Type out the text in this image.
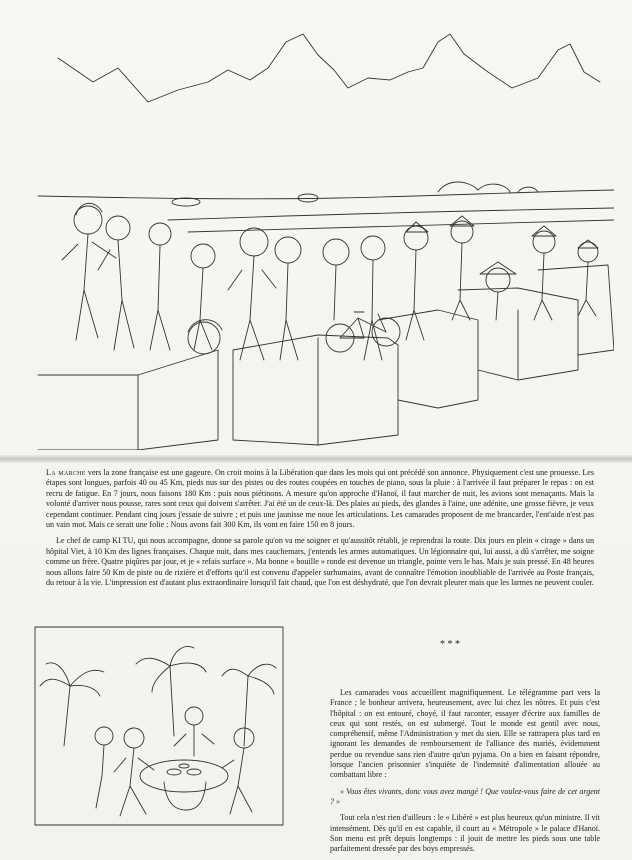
La marche vers la zone française est une gageure. On croit moins à la Libération que dans les mois qui ont précédé son annonce. Physiquement c'est une prouesse. Les étapes sont longues, parfois 40 ou 45 Km, pieds nus sur des pistes ou des routes coupées en touches de piano, sous la pluie : à l'arrivée il faut préparer le repas : on est recru de fatigue. En 7 jours, nous faisons 180 Km : puis nous piétinons. A mesure qu'on approche d'Hanoï, il faut marcher de nuit, les avions sont menaçants. Mais la volonté d'arriver nous pousse, rares sont ceux qui doivent s'arrêter. J'ai été un de ceux-là. Des plaies au pieds, des glandes à l'aine, une adénite, une grosse fièvre, je veux cependant continuer. Pendant cinq jours j'essaie de suivre ; et puis une jaunisse me noue les articulations. Les camarades proposent de me brancarder, l'ent'aide n'est pas un vain mot. Mais ce serait une folie : Nous avons fait 300 Km, ils vont en faire 150 en 8 jours.

Le chef de camp KI TU, qui nous accompagne, donne sa parole qu'on va me soigner et qu'aussitôt rétabli, je reprendrai la route. Dix jours en plein « cirage » dans un hôpital Viet, à 10 Km des lignes françaises. Chaque nuit, dans mes cauchemars, j'entends les armes automatiques. Un légionnaire qui, lui aussi, a dû s'arrêter, me soigne comme un frère. Quatre piqûres par jour, et je « refais surface ». Ma bonne « bouille » ronde est devenue un triangle, pointe vers le bas. Mais je suis pressé. En 48 heures nous allons faire 50 Km de piste ou de rizière et d'efforts qu'il est convenu d'appeler surhumains, avant de connaître l'émotion inoubliable de l'arrivée au Poste français, du retour à la vie. L'impression est d'autant plus extraordinaire lorsqu'il fait chaud, que l'on est déshydraté, que l'on devrait pleurer mais que les larmes ne peuvent couler.

* * *

Les camarades vous accueillent magnifiquement. Le télégramme part vers la France ; le bonheur arrivera, heureusement, avec lui chez les nôtres. Et puis c'est l'hôpital : on est entouré, choyé, il faut raconter, essayer d'écrire aux familles de ceux qui sont restés, on est submergé. Tout le monde est gentil avec nous, compréhensif, même l'Administration y met du sien. Elle se rattrapera plus tard en ignorant les demandes de remboursement de l'alliance des mariés, évidemment perdue ou revendue sans rien d'autre qu'un pyjama. On a bien en faisant répondre, lorsque l'ancien prisonnier s'inquiète de l'indemnité d'alimentation allouée au combattant libre :

« Vous êtes vivants, donc vous avez mangé ! Que voulez-vous faire de cet argent ? »

Tout cela n'est rien d'ailleurs : le « Libéré » est plus heureux qu'un ministre. Il vit intensément. Dès qu'il en est capable, il court au « Métropole » le palace d'Hanoï. Son menu est prêt depuis longtemps : il jouit de mettre les pieds sous une table parfaitement dressée par des boys empressés.
